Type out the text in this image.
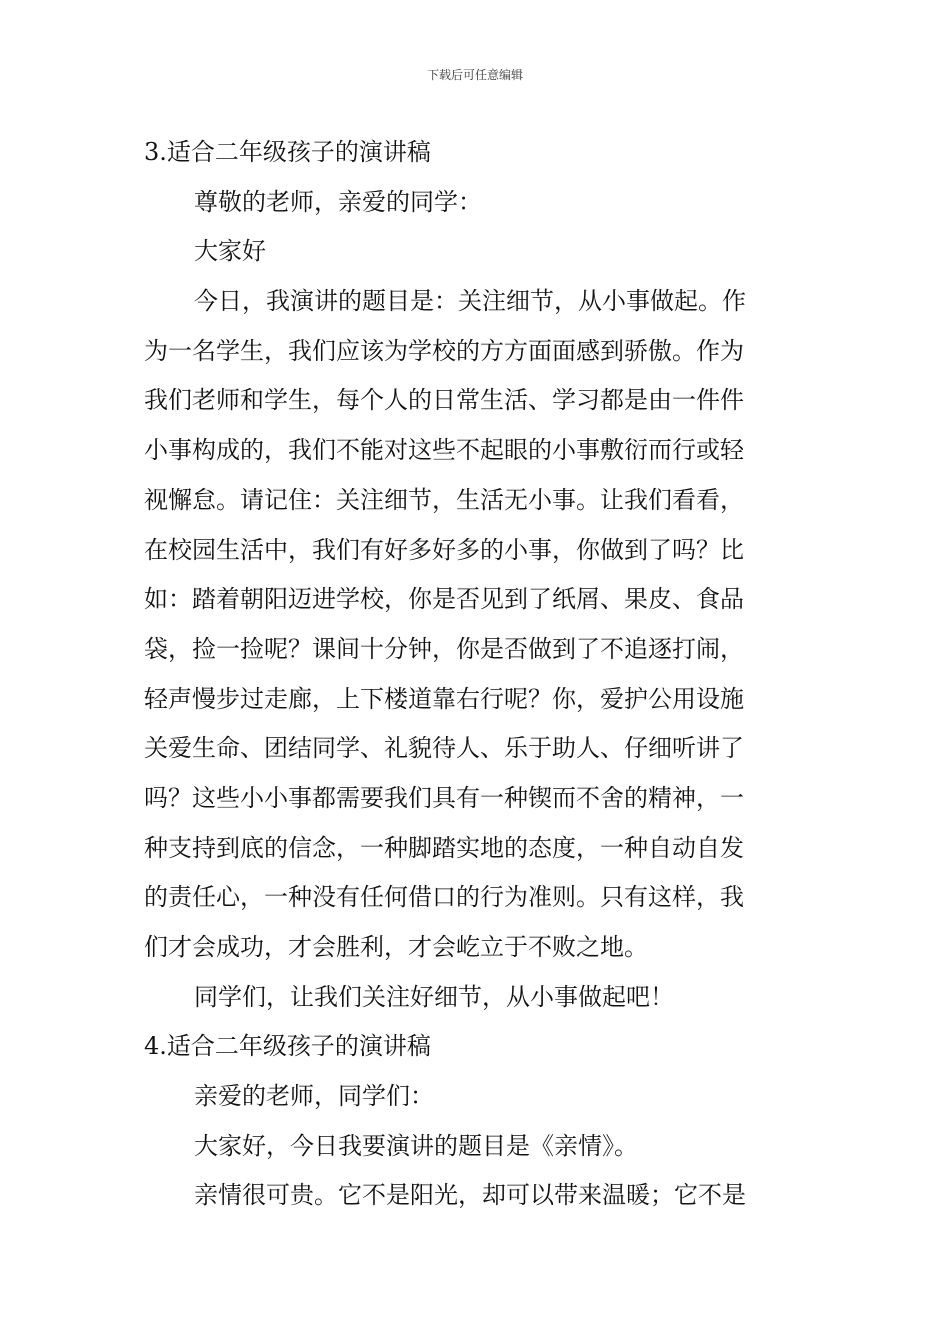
下载后可任意编辑
3.适合二年级孩子的演讲稿
尊敬的老师，亲爱的同学：
大家好
今日，我演讲的题目是：关注细节，从小事做起。作
为一名学生，我们应该为学校的方方面面感到骄傲。作为
我们老师和学生，每个人的日常生活、学习都是由一件件
小事构成的，我们不能对这些不起眼的小事敷衍而行或轻
视懈怠。请记住：关注细节，生活无小事。让我们看看，
在校园生活中，我们有好多好多的小事，你做到了吗？比
如：踏着朝阳迈进学校，你是否见到了纸屑、果皮、食品
袋，捡一捡呢？课间十分钟，你是否做到了不追逐打闹，
轻声慢步过走廊，上下楼道靠右行呢？你，爱护公用设施
关爱生命、团结同学、礼貌待人、乐于助人、仔细听讲了
吗？这些小小事都需要我们具有一种锲而不舍的精神，一
种支持到底的信念，一种脚踏实地的态度，一种自动自发
的责任心，一种没有任何借口的行为准则。只有这样，我
们才会成功，才会胜利，才会屹立于不败之地。
同学们，让我们关注好细节，从小事做起吧！
4.适合二年级孩子的演讲稿
亲爱的老师，同学们：
大家好，今日我要演讲的题目是《亲情》。
亲情很可贵。它不是阳光，却可以带来温暖；它不是
